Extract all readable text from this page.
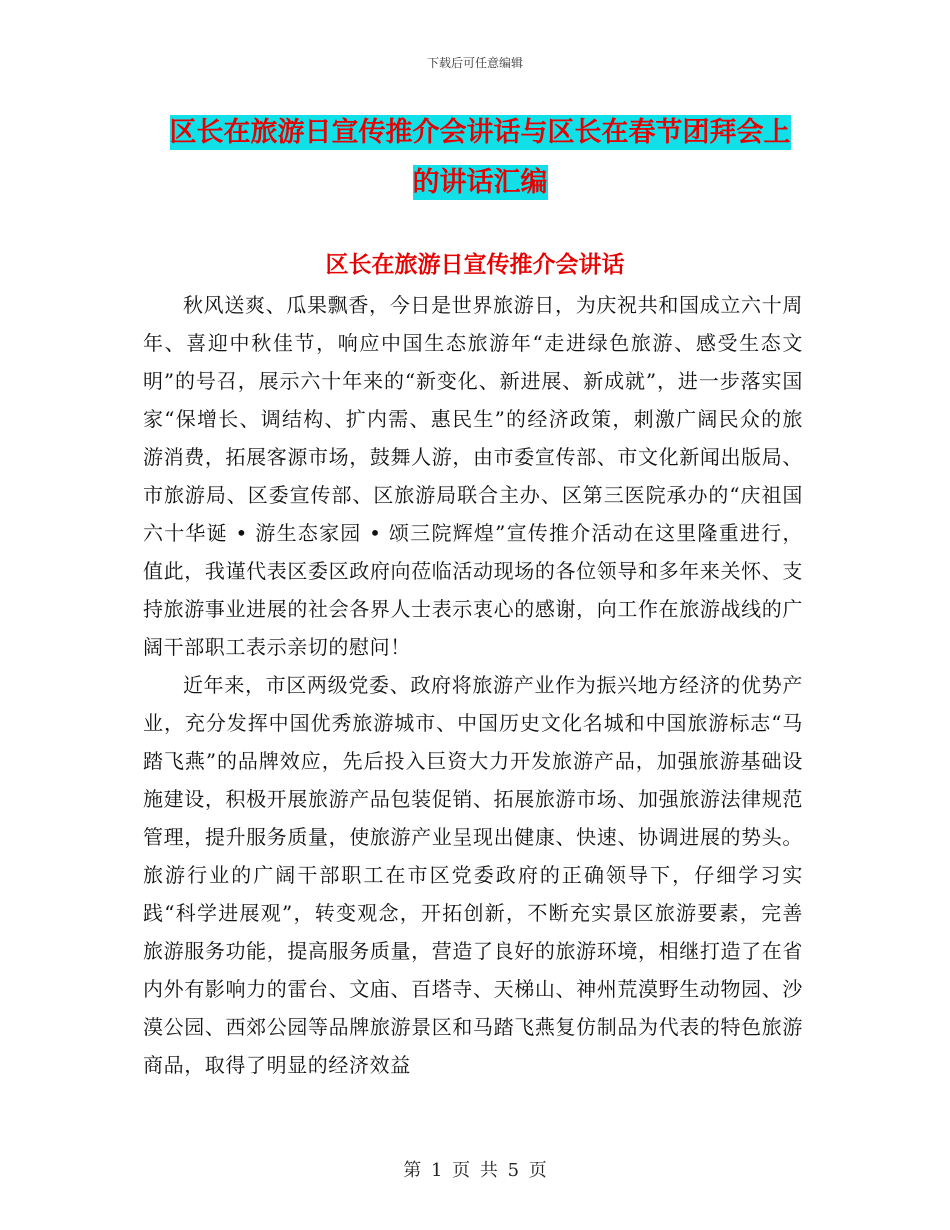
下载后可任意编辑
区长在旅游日宣传推介会讲话与区长在春节团拜会上
的讲话汇编
区长在旅游日宣传推介会讲话

秋风送爽、瓜果飘香，今日是世界旅游日，为庆祝共和国成立六十周年、喜迎中秋佳节，响应中国生态旅游年“走进绿色旅游、感受生态文明”的号召，展示六十年来的“新变化、新进展、新成就”，进一步落实国家“保增长、调结构、扩内需、惠民生”的经济政策，刺激广阔民众的旅游消费，拓展客源市场，鼓舞人游，由市委宣传部、市文化新闻出版局、市旅游局、区委宣传部、区旅游局联合主办、区第三医院承办的“庆祖国六十华诞 • 游生态家园 • 颂三院辉煌”宣传推介活动在这里隆重进行，值此，我谨代表区委区政府向莅临活动现场的各位领导和多年来关怀、支持旅游事业进展的社会各界人士表示衷心的感谢，向工作在旅游战线的广阔干部职工表示亲切的慰问！

近年来，市区两级党委、政府将旅游产业作为振兴地方经济的优势产业，充分发挥中国优秀旅游城市、中国历史文化名城和中国旅游标志“马踏飞燕”的品牌效应，先后投入巨资大力开发旅游产品，加强旅游基础设施建设，积极开展旅游产品包装促销、拓展旅游市场、加强旅游法律规范管理，提升服务质量，使旅游产业呈现出健康、快速、协调进展的势头。旅游行业的广阔干部职工在市区党委政府的正确领导下，仔细学习实践“科学进展观”，转变观念，开拓创新，不断充实景区旅游要素，完善旅游服务功能，提高服务质量，营造了良好的旅游环境，相继打造了在省内外有影响力的雷台、文庙、百塔寺、天梯山、神州荒漠野生动物园、沙漠公园、西郊公园等品牌旅游景区和马踏飞燕复仿制品为代表的特色旅游商品，取得了明显的经济效益

第 1 页 共 5 页
